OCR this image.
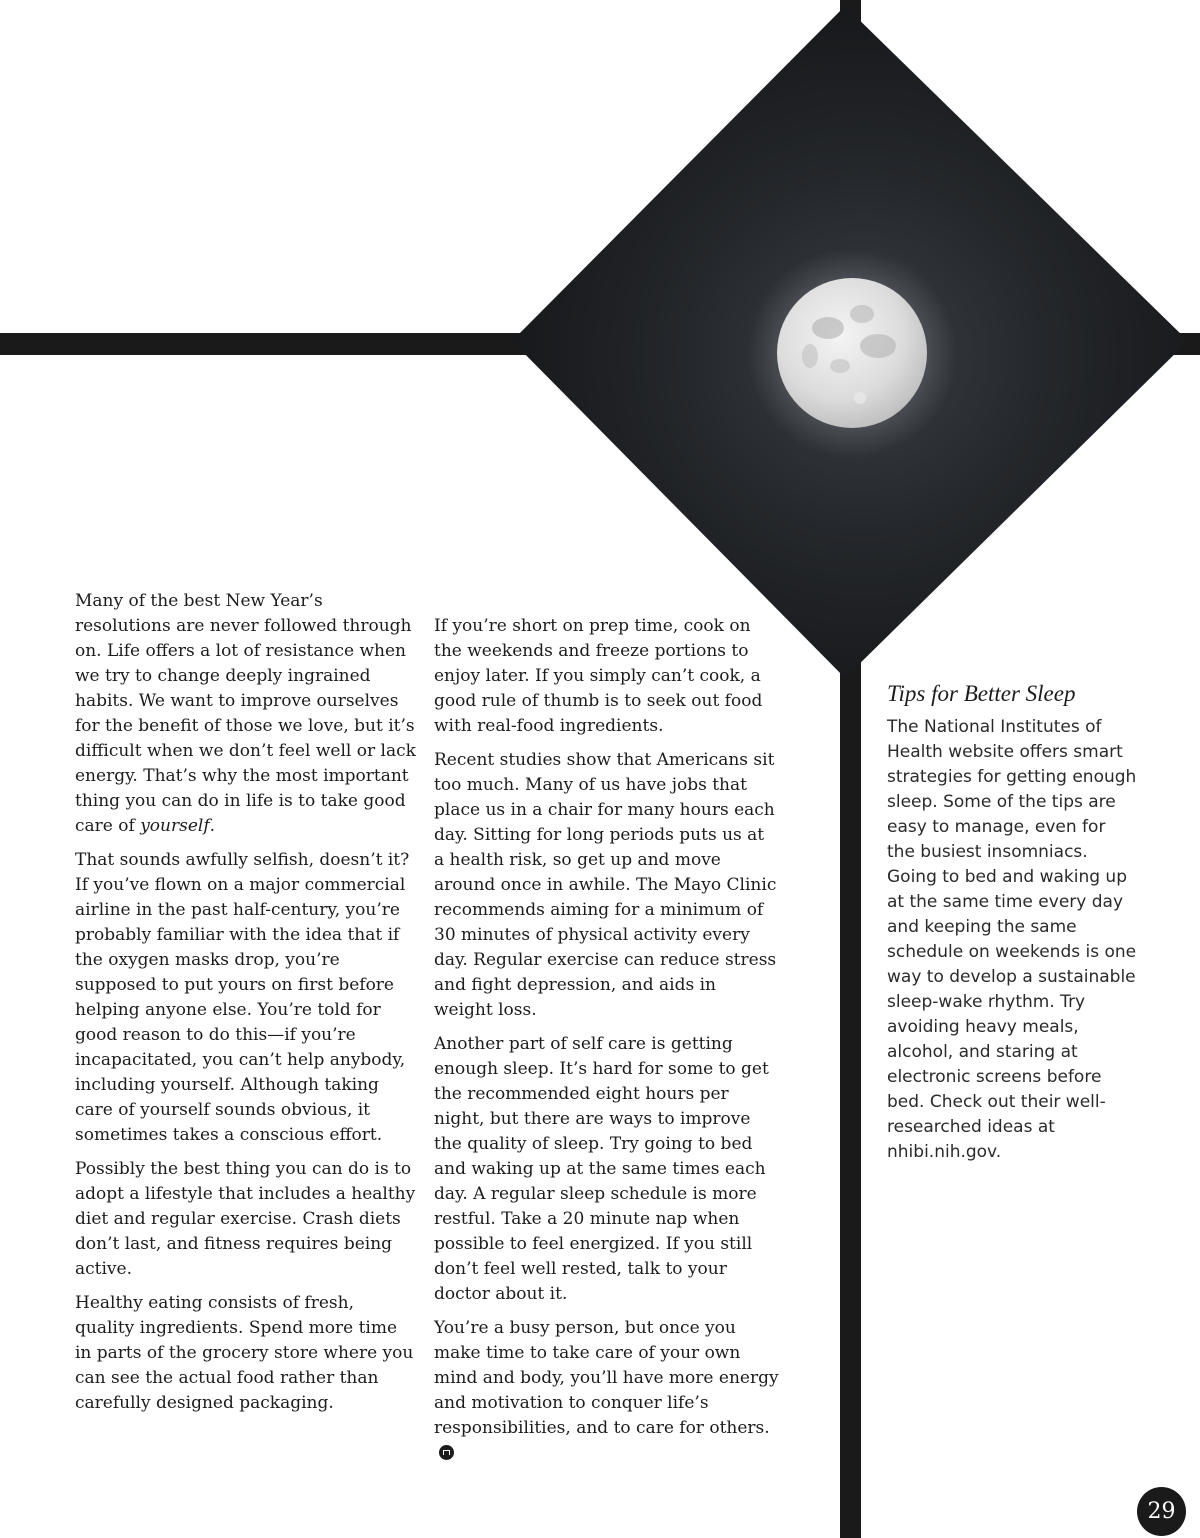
Many of the best New Year’s resolutions are never followed through on. Life offers a lot of resistance when we try to change deeply ingrained habits. We want to improve ourselves for the benefit of those we love, but it’s difficult when we don’t feel well or lack energy. That’s why the most important thing you can do in life is to take good care of yourself.

That sounds awfully selfish, doesn’t it? If you’ve flown on a major commercial airline in the past half-century, you’re probably familiar with the idea that if the oxygen masks drop, you’re supposed to put yours on first before helping anyone else. You’re told for good reason to do this—if you’re incapacitated, you can’t help anybody, including yourself. Although taking care of yourself sounds obvious, it sometimes takes a conscious effort.

Possibly the best thing you can do is to adopt a lifestyle that includes a healthy diet and regular exercise. Crash diets don’t last, and fitness requires being active.

Healthy eating consists of fresh, quality ingredients. Spend more time in parts of the grocery store where you can see the actual food rather than carefully designed packaging.

If you’re short on prep time, cook on the weekends and freeze portions to enjoy later. If you simply can’t cook, a good rule of thumb is to seek out food with real-food ingredients.

Recent studies show that Americans sit too much. Many of us have jobs that place us in a chair for many hours each day. Sitting for long periods puts us at a health risk, so get up and move around once in awhile. The Mayo Clinic recommends aiming for a minimum of 30 minutes of physical activity every day. Regular exercise can reduce stress and fight depression, and aids in weight loss.

Another part of self care is getting enough sleep. It’s hard for some to get the recommended eight hours per night, but there are ways to improve the quality of sleep. Try going to bed and waking up at the same times each day. A regular sleep schedule is more restful. Take a 20 minute nap when possible to feel energized. If you still don’t feel well rested, talk to your doctor about it.

You’re a busy person, but once you make time to take care of your own mind and body, you’ll have more energy and motivation to conquer life’s responsibilities, and to care for others.

Tips for Better Sleep

The National Institutes of Health website offers smart strategies for getting enough sleep. Some of the tips are easy to manage, even for the busiest insomniacs. Going to bed and waking up at the same time every day and keeping the same schedule on weekends is one way to develop a sustainable sleep-wake rhythm. Try avoiding heavy meals, alcohol, and staring at electronic screens before bed. Check out their well-researched ideas at nhibi.nih.gov.

29
